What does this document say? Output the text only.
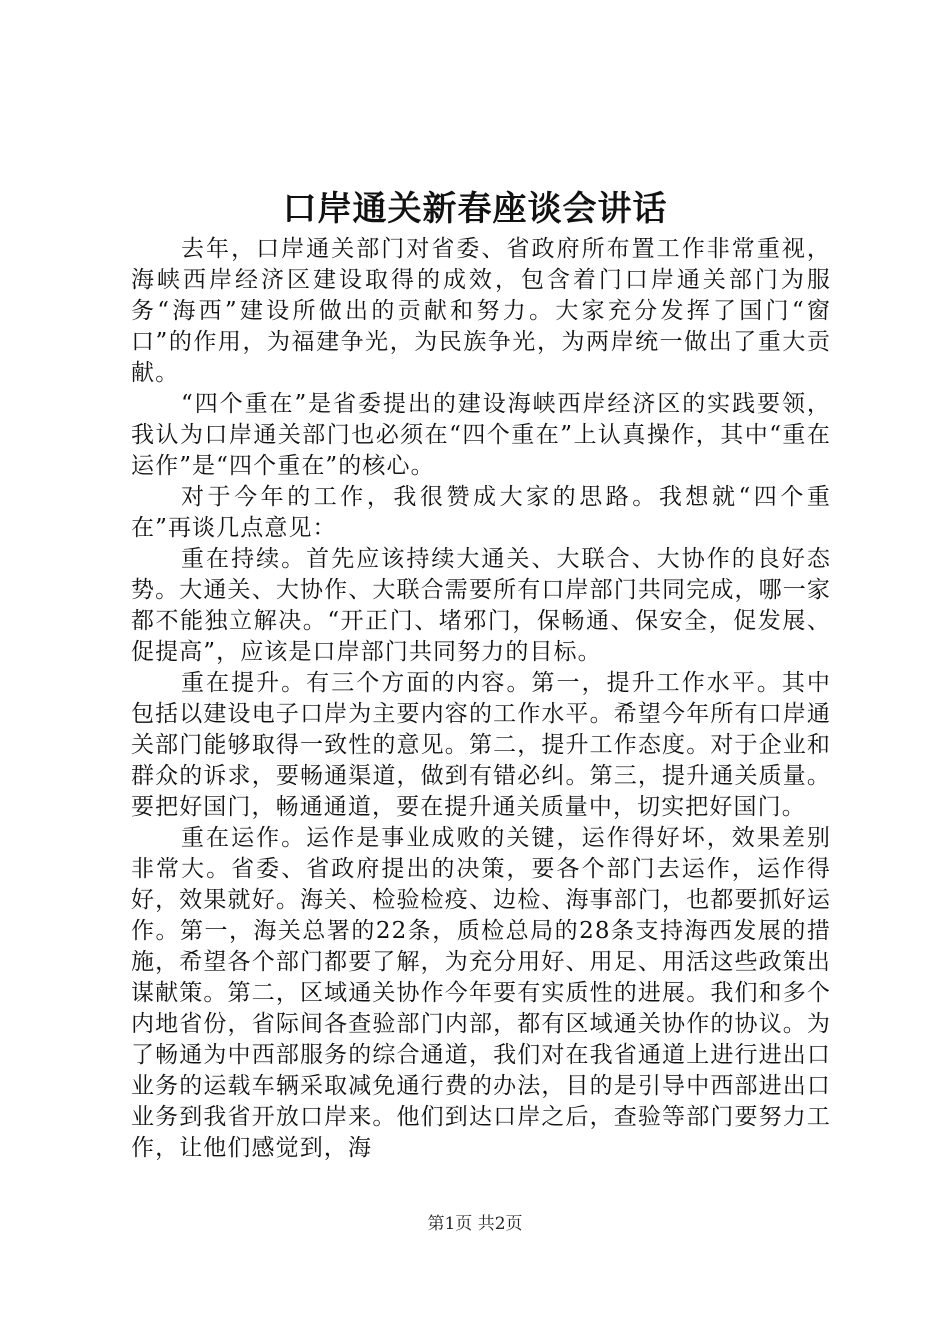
口岸通关新春座谈会讲话

去年，口岸通关部门对省委、省政府所布置工作非常重视，海峡西岸经济区建设取得的成效，包含着门口岸通关部门为服务“海西”建设所做出的贡献和努力。大家充分发挥了国门“窗口”的作用，为福建争光，为民族争光，为两岸统一做出了重大贡献。

“四个重在”是省委提出的建设海峡西岸经济区的实践要领，我认为口岸通关部门也必须在“四个重在”上认真操作，其中“重在运作”是“四个重在”的核心。

对于今年的工作，我很赞成大家的思路。我想就“四个重在”再谈几点意见：

重在持续。首先应该持续大通关、大联合、大协作的良好态势。大通关、大协作、大联合需要所有口岸部门共同完成，哪一家都不能独立解决。“开正门、堵邪门，保畅通、保安全，促发展、促提高”，应该是口岸部门共同努力的目标。

重在提升。有三个方面的内容。第一，提升工作水平。其中包括以建设电子口岸为主要内容的工作水平。希望今年所有口岸通关部门能够取得一致性的意见。第二，提升工作态度。对于企业和群众的诉求，要畅通渠道，做到有错必纠。第三，提升通关质量。要把好国门，畅通通道，要在提升通关质量中，切实把好国门。

重在运作。运作是事业成败的关键，运作得好坏，效果差别非常大。省委、省政府提出的决策，要各个部门去运作，运作得好，效果就好。海关、检验检疫、边检、海事部门，也都要抓好运作。第一，海关总署的22条，质检总局的28条支持海西发展的措施，希望各个部门都要了解，为充分用好、用足、用活这些政策出谋献策。第二，区域通关协作今年要有实质性的进展。我们和多个内地省份，省际间各查验部门内部，都有区域通关协作的协议。为了畅通为中西部服务的综合通道，我们对在我省通道上进行进出口业务的运载车辆采取减免通行费的办法，目的是引导中西部进出口业务到我省开放口岸来。他们到达口岸之后，查验等部门要努力工作，让他们感觉到，海

第1页 共2页
